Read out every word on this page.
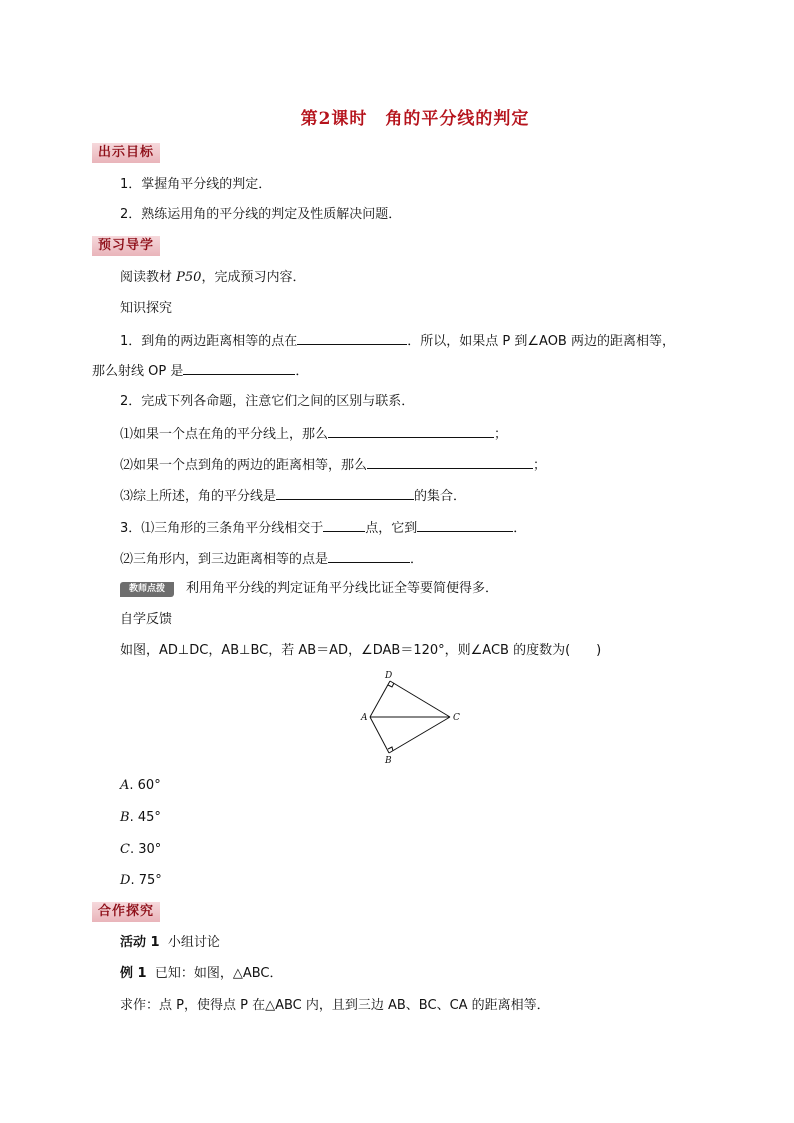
第2课时　角的平分线的判定
出示目标
1．掌握角平分线的判定．
2．熟练运用角的平分线的判定及性质解决问题．
预习导学
阅读教材 P50，完成预习内容．
知识探究
1．到角的两边距离相等的点在	．所以，如果点 P 到∠AOB 两边的距离相等，
那么射线 OP 是	．
2．完成下列各命题，注意它们之间的区别与联系．
⑴如果一个点在角的平分线上，那么	；
⑵如果一个点到角的两边的距离相等，那么	；
⑶综上所述，角的平分线是	的集合．
3．⑴三角形的三条角平分线相交于	点，它到	．
⑵三角形内，到三边距离相等的点是	．
教师点拨	利用角平分线的判定证角平分线比证全等要简便得多．
自学反馈
如图，AD⊥DC，AB⊥BC，若 AB＝AD，∠DAB＝120°，则∠ACB 的度数为(　　)
A
D
C
B
A. 60°
B. 45°
C. 30°
D. 75°
合作探究
活动 1 小组讨论
例 1 已知：如图，△ABC．
求作：点 P，使得点 P 在△ABC 内，且到三边 AB、BC、CA 的距离相等．
